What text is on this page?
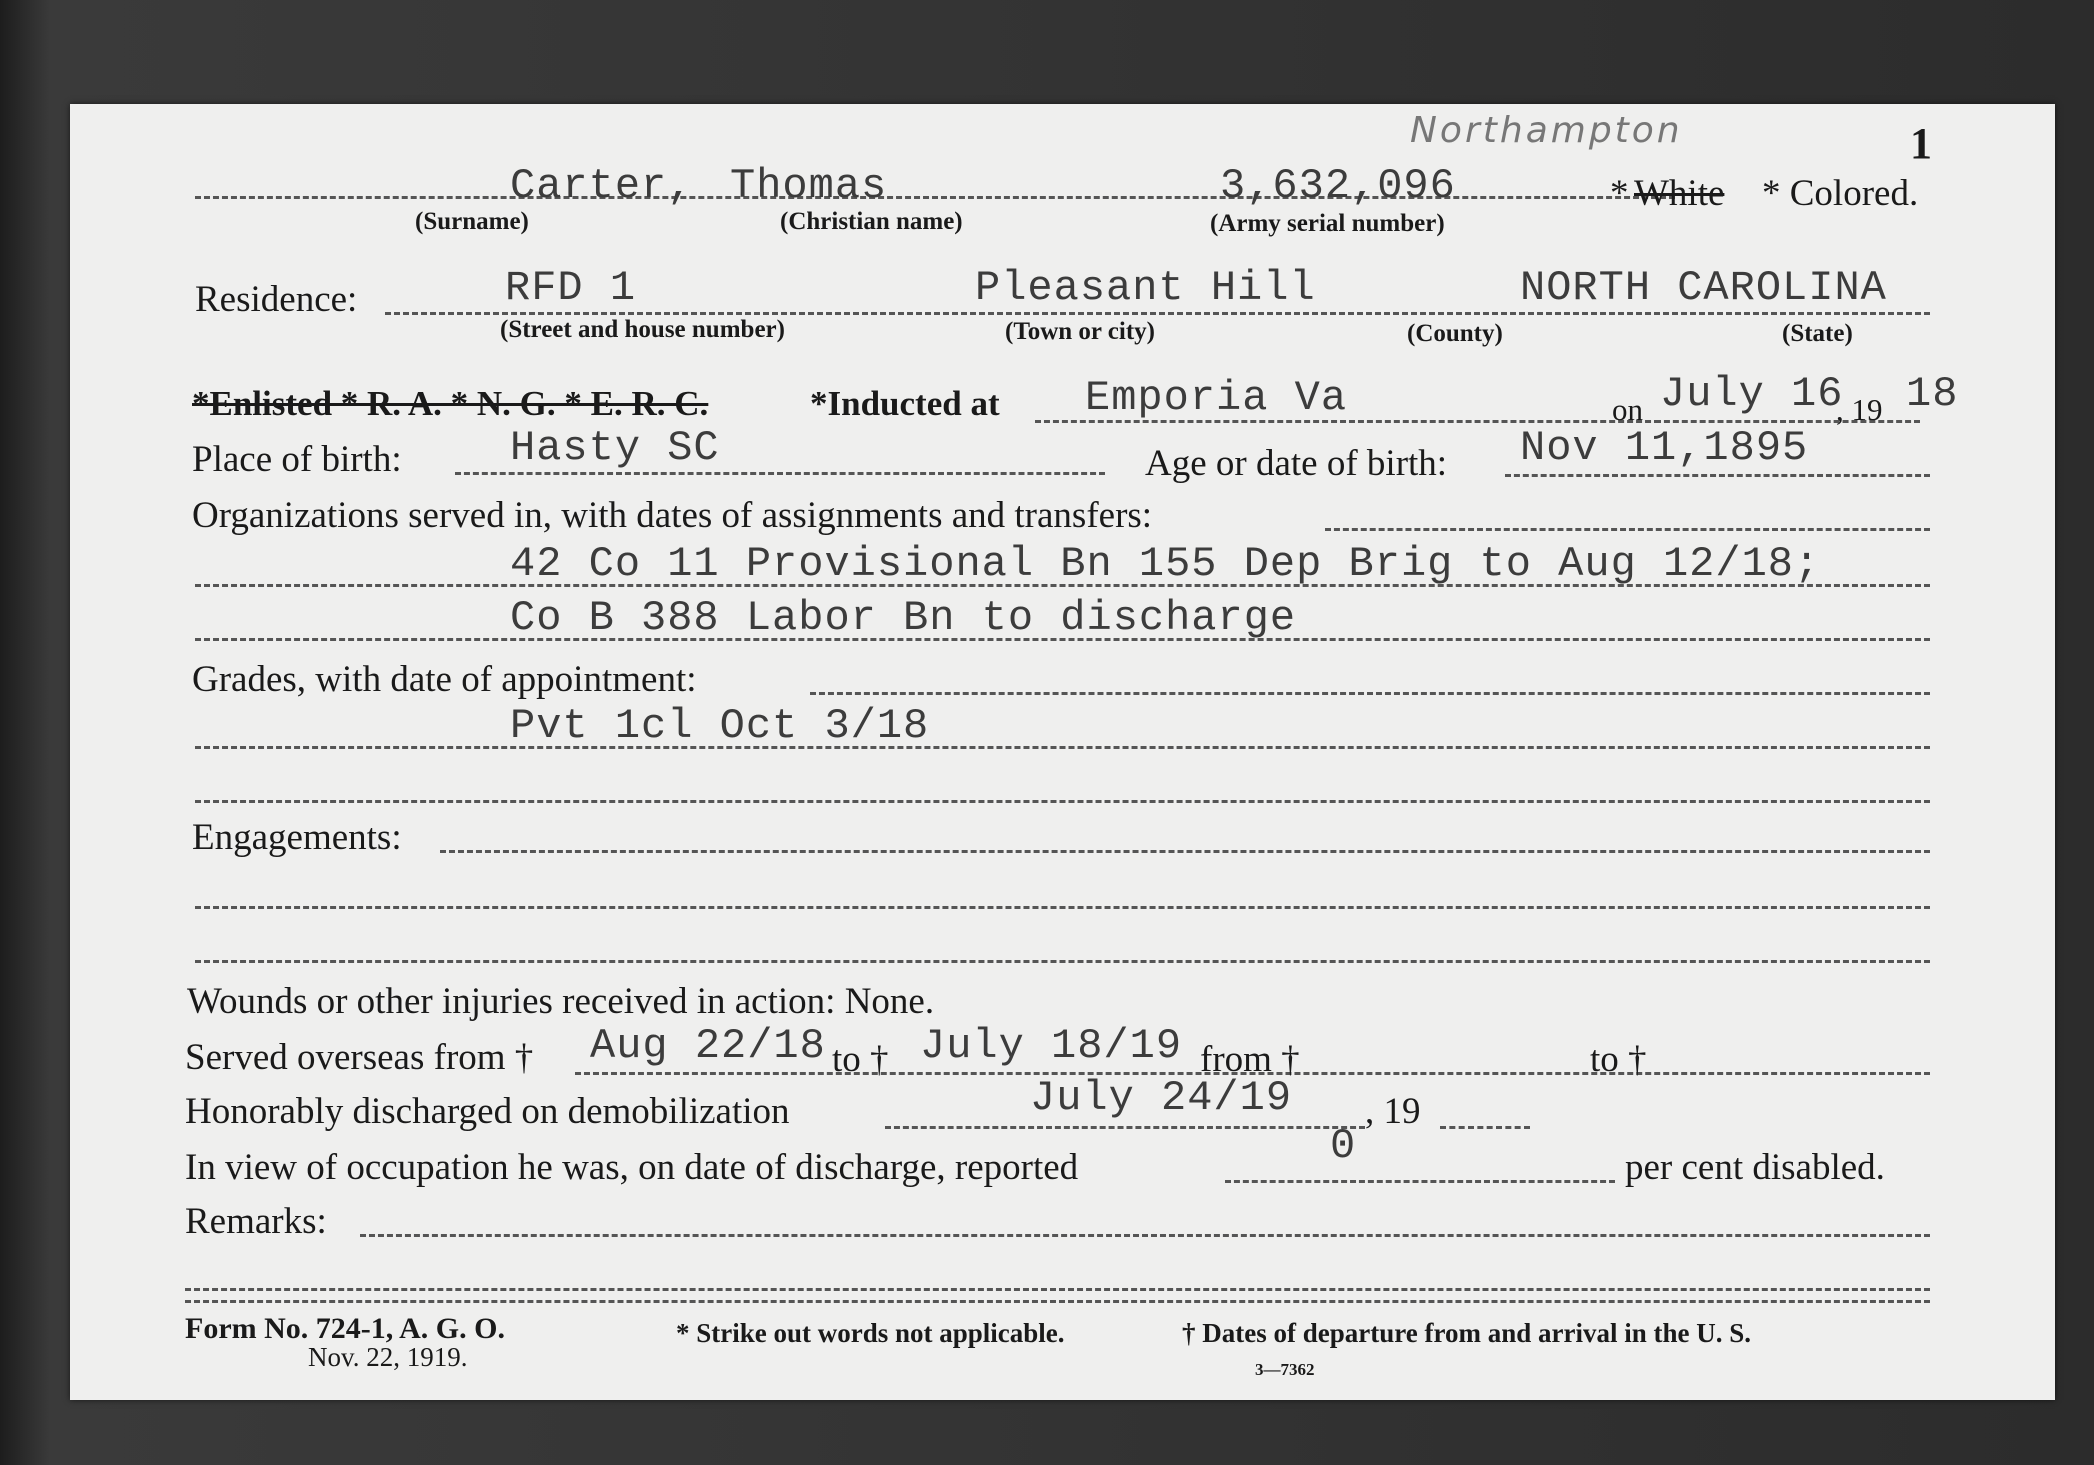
Northampton	1
Carter, Thomas	3,632,096	* White * Colored.
(Surname)	(Christian name)	(Army serial number)
Residence:	RFD 1	Pleasant Hill	NORTH CAROLINA
(Street and house number)	(Town or city)	(County)	(State)
*Enlisted * R. A. * N. G. * E. R. C.	*Inducted at Emporia Va	on July 16
, 19 18
Place of birth:	Hasty SC	Age or date of birth: Nov 11,1895
Organizations served in, with dates of assignments and transfers:
42 Co 11 Provisional Bn 155 Dep Brig to Aug 12/18;
Co B 388 Labor Bn to discharge
Grades, with date of appointment:
Pvt 1cl Oct 3/18
Engagements:
Wounds or other injuries received in action: None.
Served overseas from † Aug 22/18 to † July 18/19 from †	to †
Honorably discharged on demobilization	July 24/19 , 19
In view of occupation he was, on date of discharge, reported	0	per cent disabled.
Remarks:
Form No. 724-1, A. G. O.
Nov. 22, 1919.
* Strike out words not applicable.	† Dates of departure from and arrival in the U. S.
3—7362
